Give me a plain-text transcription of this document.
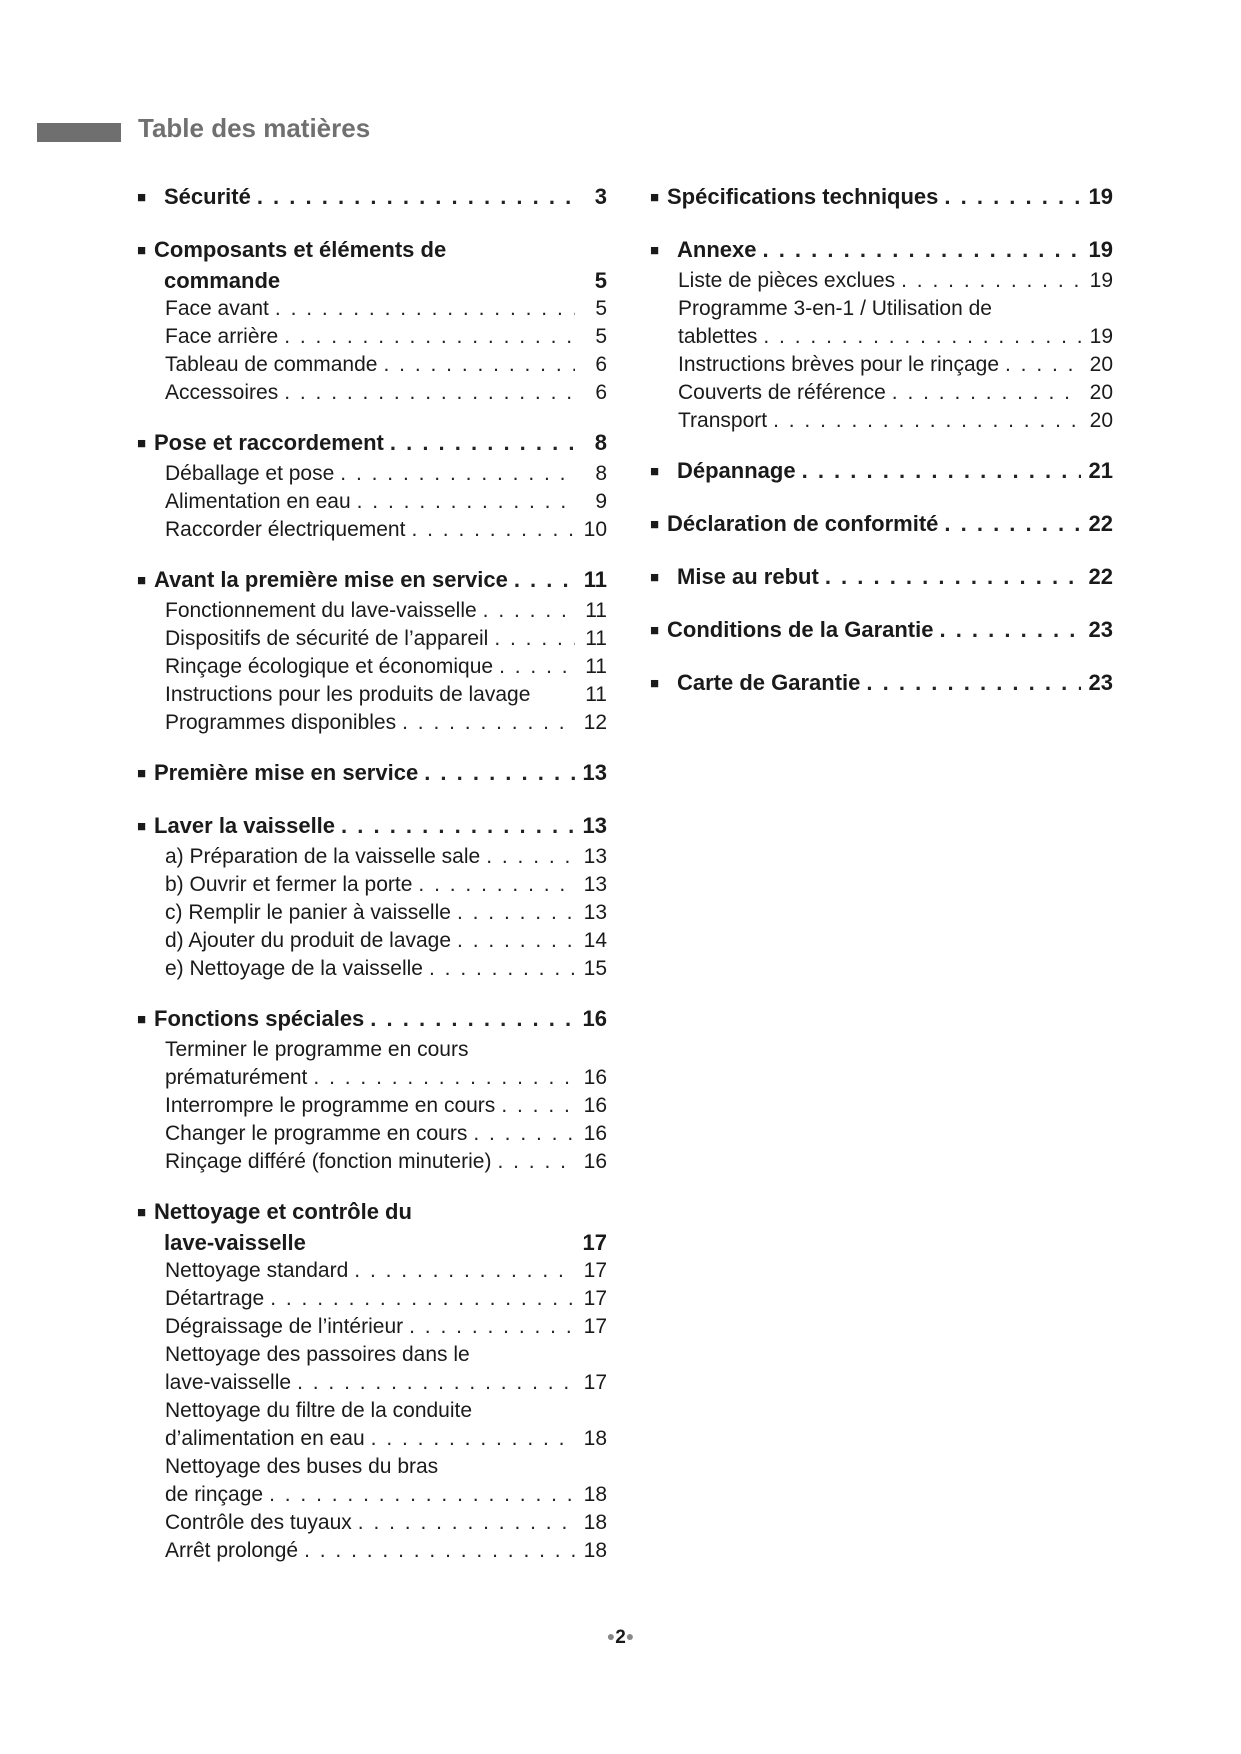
Table des matières
■ Sécurité . . .	3
■ Composants et éléments de
commande	5
Face avant . . .	5
Face arrière . . .	5
Tableau de commande . . .	6
Accessoires . . .	6
■ Pose et raccordement . . .	8
Déballage et pose . . .	8
Alimentation en eau . . .	9
Raccorder électriquement . . .	10
■ Avant la première mise en service . . .	11
Fonctionnement du lave-vaisselle . . .	11
Dispositifs de sécurité de l’appareil . . .	11
Rinçage écologique et économique . . .	11
Instructions pour les produits de lavage	11
Programmes disponibles . . .	12
■ Première mise en service . . .	13
■ Laver la vaisselle . . .	13
a) Préparation de la vaisselle sale . . .	13
b) Ouvrir et fermer la porte . . .	13
c) Remplir le panier à vaisselle . . .	13
d) Ajouter du produit de lavage . . .	14
e) Nettoyage de la vaisselle . . .	15
■ Fonctions spéciales . . .	16
Terminer le programme en cours
prématurément . . .	16
Interrompre le programme en cours . . .	16
Changer le programme en cours . . .	16
Rinçage différé (fonction minuterie) . . .	16
■ Nettoyage et contrôle du
lave-vaisselle	17
Nettoyage standard . . .	17
Détartrage . . .	17
Dégraissage de l’intérieur . . .	17
Nettoyage des passoires dans le
lave-vaisselle . . .	17
Nettoyage du filtre de la conduite
d’alimentation en eau . . .	18
Nettoyage des buses du bras
de rinçage . . .	18
Contrôle des tuyaux . . .	18
Arrêt prolongé . . .	18
■ Spécifications techniques . . .	19
■ Annexe . . .	19
Liste de pièces exclues . . .	19
Programme 3-en-1 / Utilisation de
tablettes . . .	19
Instructions brèves pour le rinçage . . .	20
Couverts de référence . . .	20
Transport . . .	20
■ Dépannage . . .	21
■ Déclaration de conformité . . .	22
■ Mise au rebut . . .	22
■ Conditions de la Garantie . . .	23
■ Carte de Garantie . . .	23
●2●
